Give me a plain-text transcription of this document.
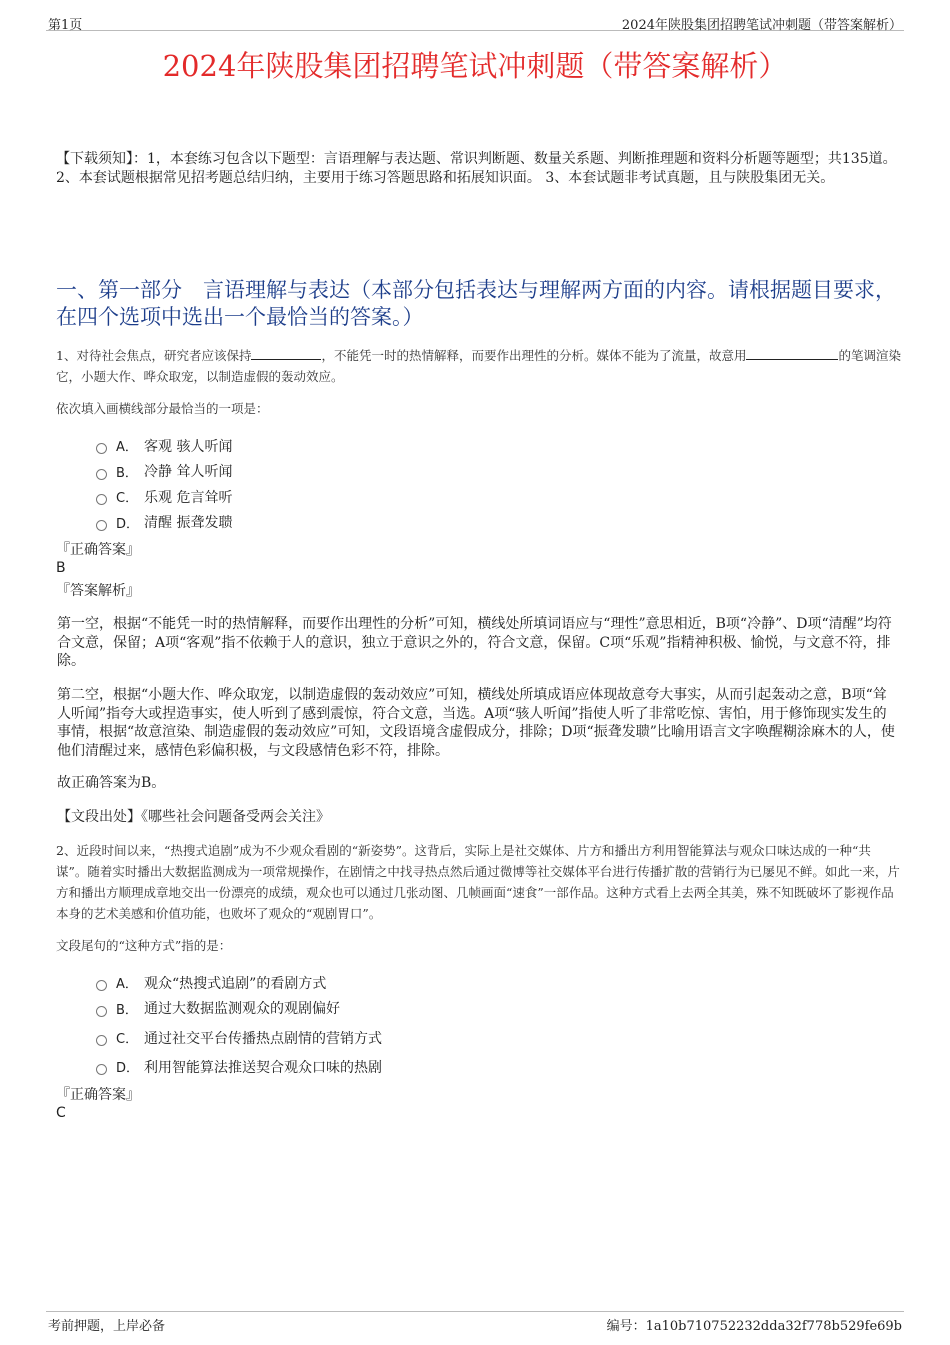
第1页	2024年陕股集团招聘笔试冲刺题（带答案解析）
2024年陕股集团招聘笔试冲刺题（带答案解析）
【下载须知】：1，本套练习包含以下题型：言语理解与表达题、常识判断题、数量关系题、判断推理题和资料分析题等题型；共135道。 2、本套试题根据常见招考题总结归纳，主要用于练习答题思路和拓展知识面。 3、本套试题非考试真题，且与陕股集团无关。
一、第一部分　言语理解与表达（本部分包括表达与理解两方面的内容。请根据题目要求，在四个选项中选出一个最恰当的答案。）
1、对待社会焦点，研究者应该保持	，不能凭一时的热情解释，而要作出理性的分析。媒体不能为了流量，故意用	的笔调渲染它，小题大作、哗众取宠，以制造虚假的轰动效应。
依次填入画横线部分最恰当的一项是：
A． 客观 骇人听闻
B． 冷静 耸人听闻
C． 乐观 危言耸听
D． 清醒 振聋发聩
『正确答案』
B
『答案解析』
第一空，根据“不能凭一时的热情解释，而要作出理性的分析”可知，横线处所填词语应与“理性”意思相近，B项“冷静”、D项“清醒”均符合文意，保留；A项“客观”指不依赖于人的意识，独立于意识之外的，符合文意，保留。C项“乐观”指精神积极、愉悦，与文意不符，排除。
第二空，根据“小题大作、哗众取宠，以制造虚假的轰动效应”可知，横线处所填成语应体现故意夸大事实，从而引起轰动之意，B项“耸人听闻”指夸大或捏造事实，使人听到了感到震惊，符合文意，当选。A项“骇人听闻”指使人听了非常吃惊、害怕，用于修饰现实发生的事情，根据“故意渲染、制造虚假的轰动效应”可知，文段语境含虚假成分，排除；D项“振聋发聩”比喻用语言文字唤醒糊涂麻木的人，使他们清醒过来，感情色彩偏积极，与文段感情色彩不符，排除。
故正确答案为B。
【文段出处】《哪些社会问题备受两会关注》
2、近段时间以来，“热搜式追剧”成为不少观众看剧的“新姿势”。这背后，实际上是社交媒体、片方和播出方利用智能算法与观众口味达成的一种“共谋”。随着实时播出大数据监测成为一项常规操作，在剧情之中找寻热点然后通过微博等社交媒体平台进行传播扩散的营销行为已屡见不鲜。如此一来，片方和播出方顺理成章地交出一份漂亮的成绩，观众也可以通过几张动图、几帧画面“速食”一部作品。这种方式看上去两全其美，殊不知既破坏了影视作品本身的艺术美感和价值功能，也败坏了观众的“观剧胃口”。
文段尾句的“这种方式”指的是：
A． 观众“热搜式追剧”的看剧方式
B． 通过大数据监测观众的观剧偏好
C． 通过社交平台传播热点剧情的营销方式
D． 利用智能算法推送契合观众口味的热剧
『正确答案』
C
考前押题，上岸必备	编号：1a10b710752232dda32f778b529fe69b
